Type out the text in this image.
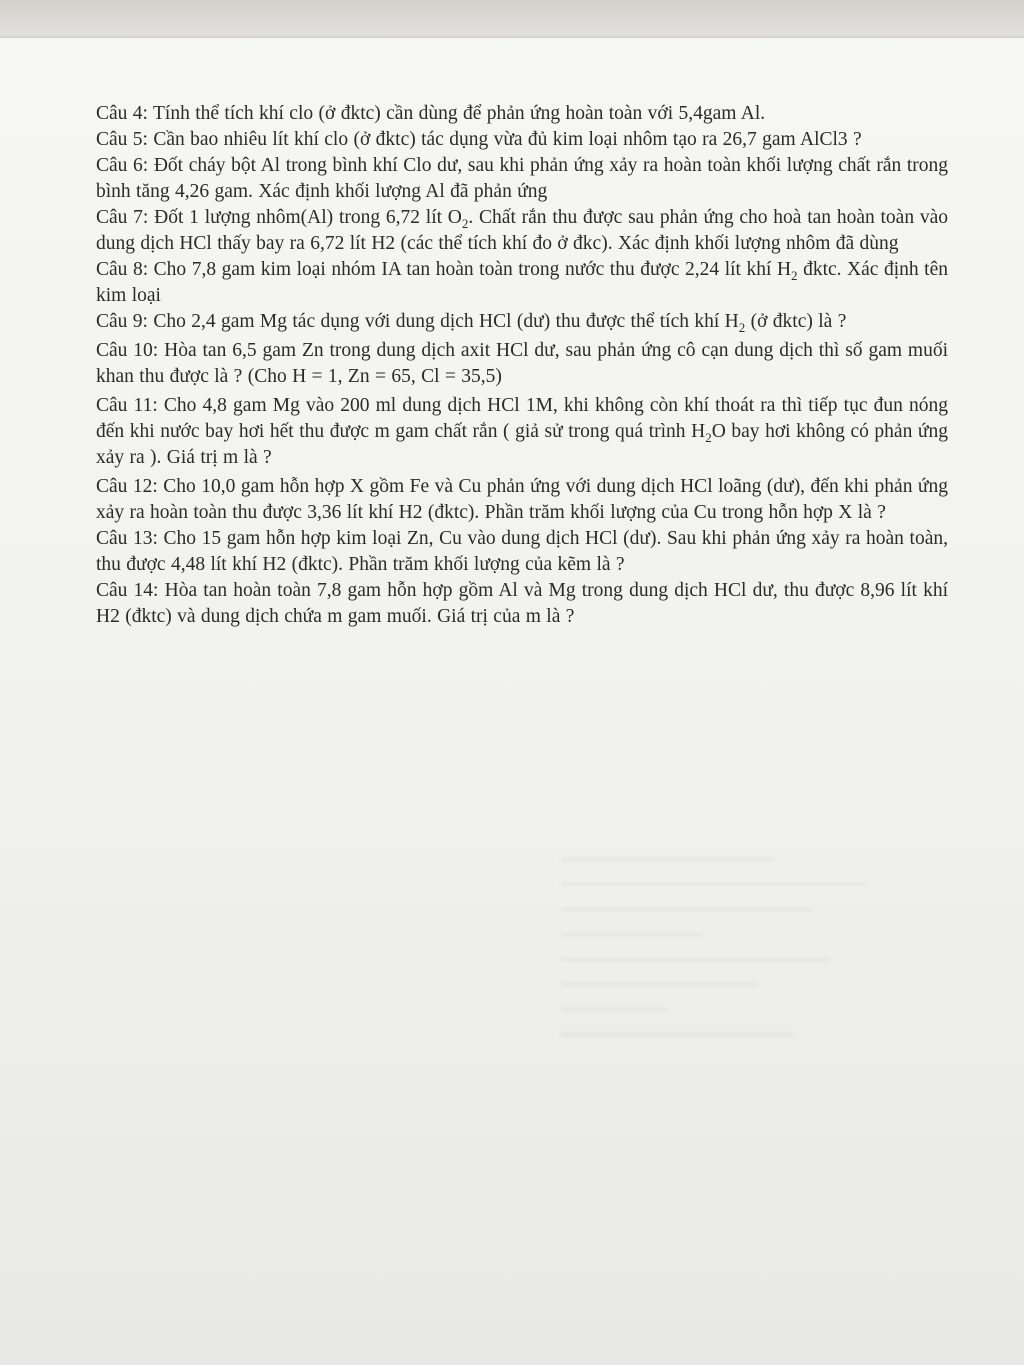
Câu 4: Tính thể tích khí clo (ở đktc) cần dùng để phản ứng hoàn toàn với 5,4gam Al.

Câu 5: Cần bao nhiêu lít khí clo (ở đktc) tác dụng vừa đủ kim loại nhôm tạo ra 26,7 gam AlCl3 ?

Câu 6: Đốt cháy bột Al trong bình khí Clo dư, sau khi phản ứng xảy ra hoàn toàn khối lượng chất rắn trong bình tăng 4,26 gam. Xác định khối lượng Al đã phản ứng

Câu 7: Đốt 1 lượng nhôm(Al) trong 6,72 lít $O_2$. Chất rắn thu được sau phản ứng cho hoà tan hoàn toàn vào dung dịch HCl thấy bay ra 6,72 lít H2 (các thể tích khí đo ở đkc). Xác định khối lượng nhôm đã dùng

Câu 8: Cho 7,8 gam kim loại nhóm IA tan hoàn toàn trong nước thu được 2,24 lít khí $H_2$ đktc. Xác định tên kim loại

Câu 9: Cho 2,4 gam Mg tác dụng với dung dịch HCl (dư) thu được thể tích khí $H_2$ (ở đktc) là ?

Câu 10: Hòa tan 6,5 gam Zn trong dung dịch axit HCl dư, sau phản ứng cô cạn dung dịch thì số gam muối khan thu được là ? (Cho H = 1, Zn = 65, Cl = 35,5)

Câu 11: Cho 4,8 gam Mg vào 200 ml dung dịch HCl 1M, khi không còn khí thoát ra thì tiếp tục đun nóng đến khi nước bay hơi hết thu được m gam chất rắn ( giả sử trong quá trình $H_2O$ bay hơi không có phản ứng xảy ra ). Giá trị m là ?

Câu 12: Cho 10,0 gam hỗn hợp X gồm Fe và Cu phản ứng với dung dịch HCl loãng (dư), đến khi phản ứng xảy ra hoàn toàn thu được 3,36 lít khí H2 (đktc). Phần trăm khối lượng của Cu trong hỗn hợp X là ?

Câu 13: Cho 15 gam hỗn hợp kim loại Zn, Cu vào dung dịch HCl (dư). Sau khi phản ứng xảy ra hoàn toàn, thu được 4,48 lít khí H2 (đktc). Phần trăm khối lượng của kẽm là ?

Câu 14: Hòa tan hoàn toàn 7,8 gam hỗn hợp gồm Al và Mg trong dung dịch HCl dư, thu được 8,96 lít khí H2 (đktc) và dung dịch chứa m gam muối. Giá trị của m là ?
